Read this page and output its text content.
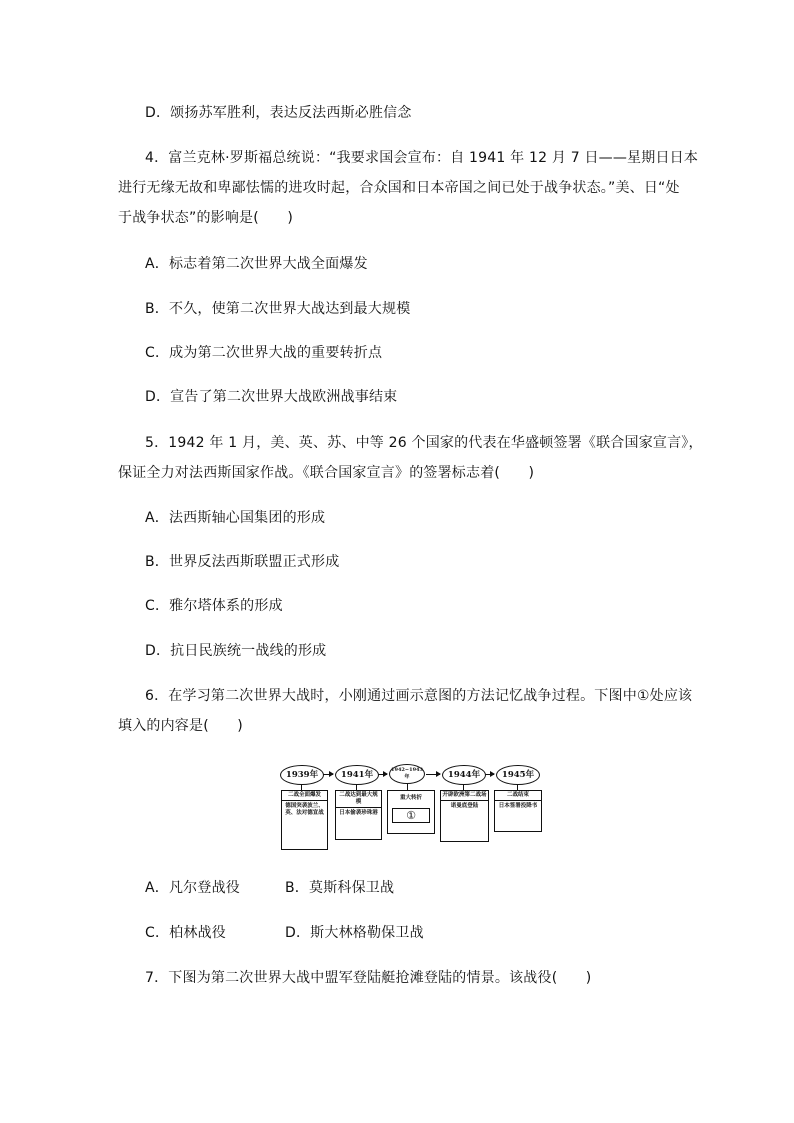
D．颂扬苏军胜利，表达反法西斯必胜信念
4．富兰克林·罗斯福总统说：“我要求国会宣布：自 1941 年 12 月 7 日——星期日日本
进行无缘无故和卑鄙怯懦的进攻时起，合众国和日本帝国之间已处于战争状态。”美、日“处
于战争状态”的影响是(　　)
A．标志着第二次世界大战全面爆发
B．不久，使第二次世界大战达到最大规模
C．成为第二次世界大战的重要转折点
D．宣告了第二次世界大战欧洲战事结束
5．1942 年 1 月，美、英、苏、中等 26 个国家的代表在华盛顿签署《联合国家宣言》，
保证全力对法西斯国家作战。《联合国家宣言》的签署标志着(　　)
A．法西斯轴心国集团的形成
B．世界反法西斯联盟正式形成
C．雅尔塔体系的形成
D．抗日民族统一战线的形成
6．在学习第二次世界大战时，小刚通过画示意图的方法记忆战争过程。下图中①处应该
填入的内容是(　　)
1939年	1941年	1942~1943年	1944年	1945年
二战全面爆发
德国突袭波兰、英、法对德宣战
二战达到最大规模
日本偷袭珍珠港
重大转折
①
开辟欧洲第二战场
诺曼底登陆
二战结束
日本签署投降书
A．凡尔登战役	B．莫斯科保卫战
C．柏林战役	D．斯大林格勒保卫战
7．下图为第二次世界大战中盟军登陆艇抢滩登陆的情景。该战役(　　)
